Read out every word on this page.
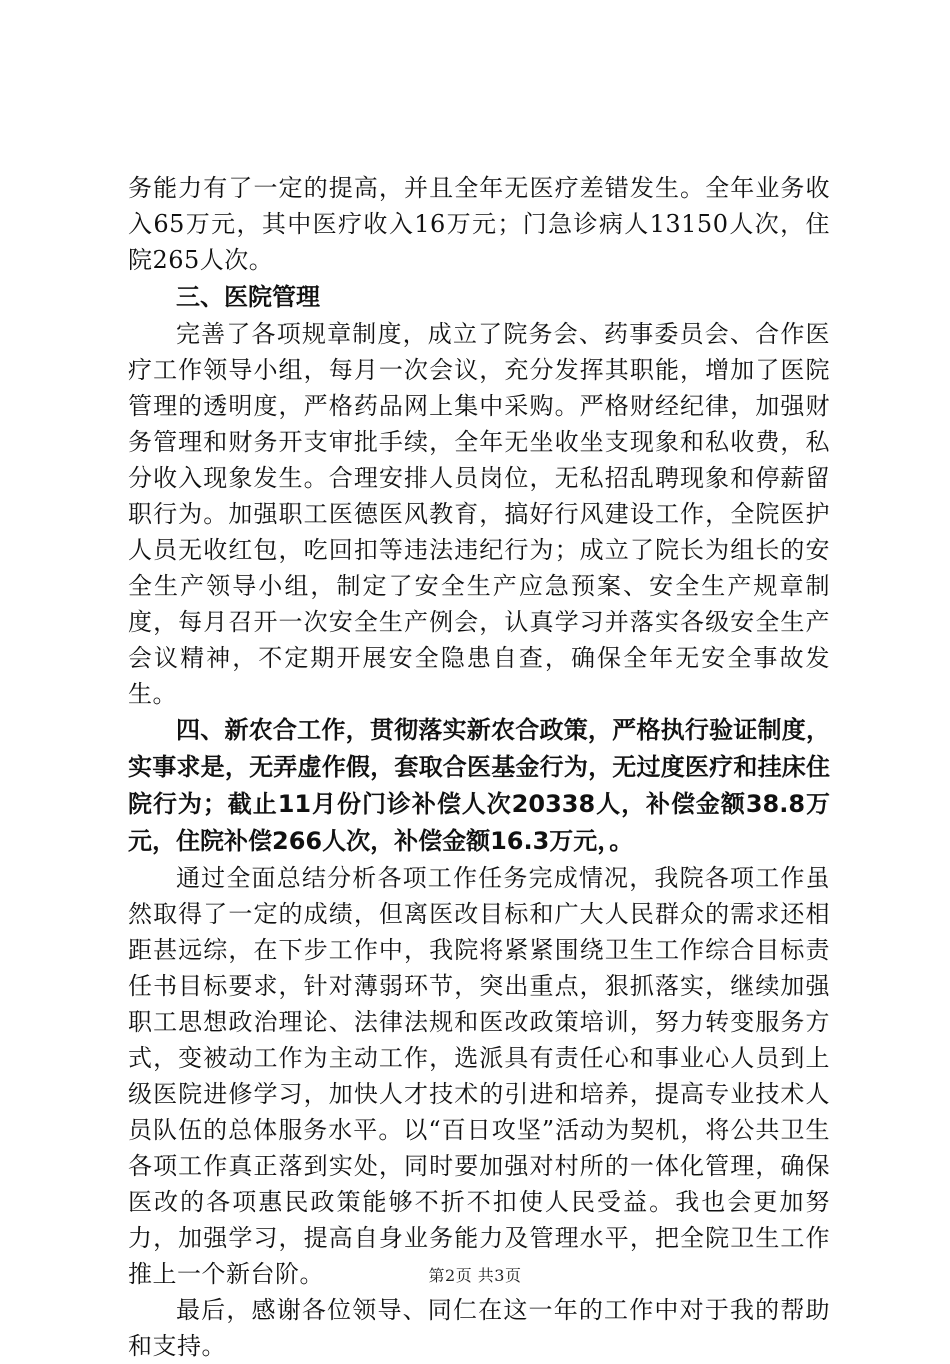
务能力有了一定的提高，并且全年无医疗差错发生。全年业务收入65万元，其中医疗收入16万元；门急诊病人13150人次，住院265人次。

三、医院管理

完善了各项规章制度，成立了院务会、药事委员会、合作医疗工作领导小组，每月一次会议，充分发挥其职能，增加了医院管理的透明度，严格药品网上集中采购。严格财经纪律，加强财务管理和财务开支审批手续，全年无坐收坐支现象和私收费，私分收入现象发生。合理安排人员岗位，无私招乱聘现象和停薪留职行为。加强职工医德医风教育，搞好行风建设工作，全院医护人员无收红包，吃回扣等违法违纪行为；成立了院长为组长的安全生产领导小组，制定了安全生产应急预案、安全生产规章制度，每月召开一次安全生产例会，认真学习并落实各级安全生产会议精神，不定期开展安全隐患自查，确保全年无安全事故发生。

四、新农合工作，贯彻落实新农合政策，严格执行验证制度，实事求是，无弄虚作假，套取合医基金行为，无过度医疗和挂床住院行为；截止11月份门诊补偿人次20338人，补偿金额38.8万元，住院补偿266人次，补偿金额16.3万元，。

通过全面总结分析各项工作任务完成情况，我院各项工作虽然取得了一定的成绩，但离医改目标和广大人民群众的需求还相距甚远综，在下步工作中，我院将紧紧围绕卫生工作综合目标责任书目标要求，针对薄弱环节，突出重点，狠抓落实，继续加强职工思想政治理论、法律法规和医改政策培训，努力转变服务方式，变被动工作为主动工作，选派具有责任心和事业心人员到上级医院进修学习，加快人才技术的引进和培养，提高专业技术人员队伍的总体服务水平。以“百日攻坚”活动为契机，将公共卫生各项工作真正落到实处，同时要加强对村所的一体化管理，确保医改的各项惠民政策能够不折不扣使人民受益。我也会更加努力，加强学习，提高自身业务能力及管理水平，把全院卫生工作推上一个新台阶。

最后，感谢各位领导、同仁在这一年的工作中对于我的帮助和支持。

第2页 共3页
